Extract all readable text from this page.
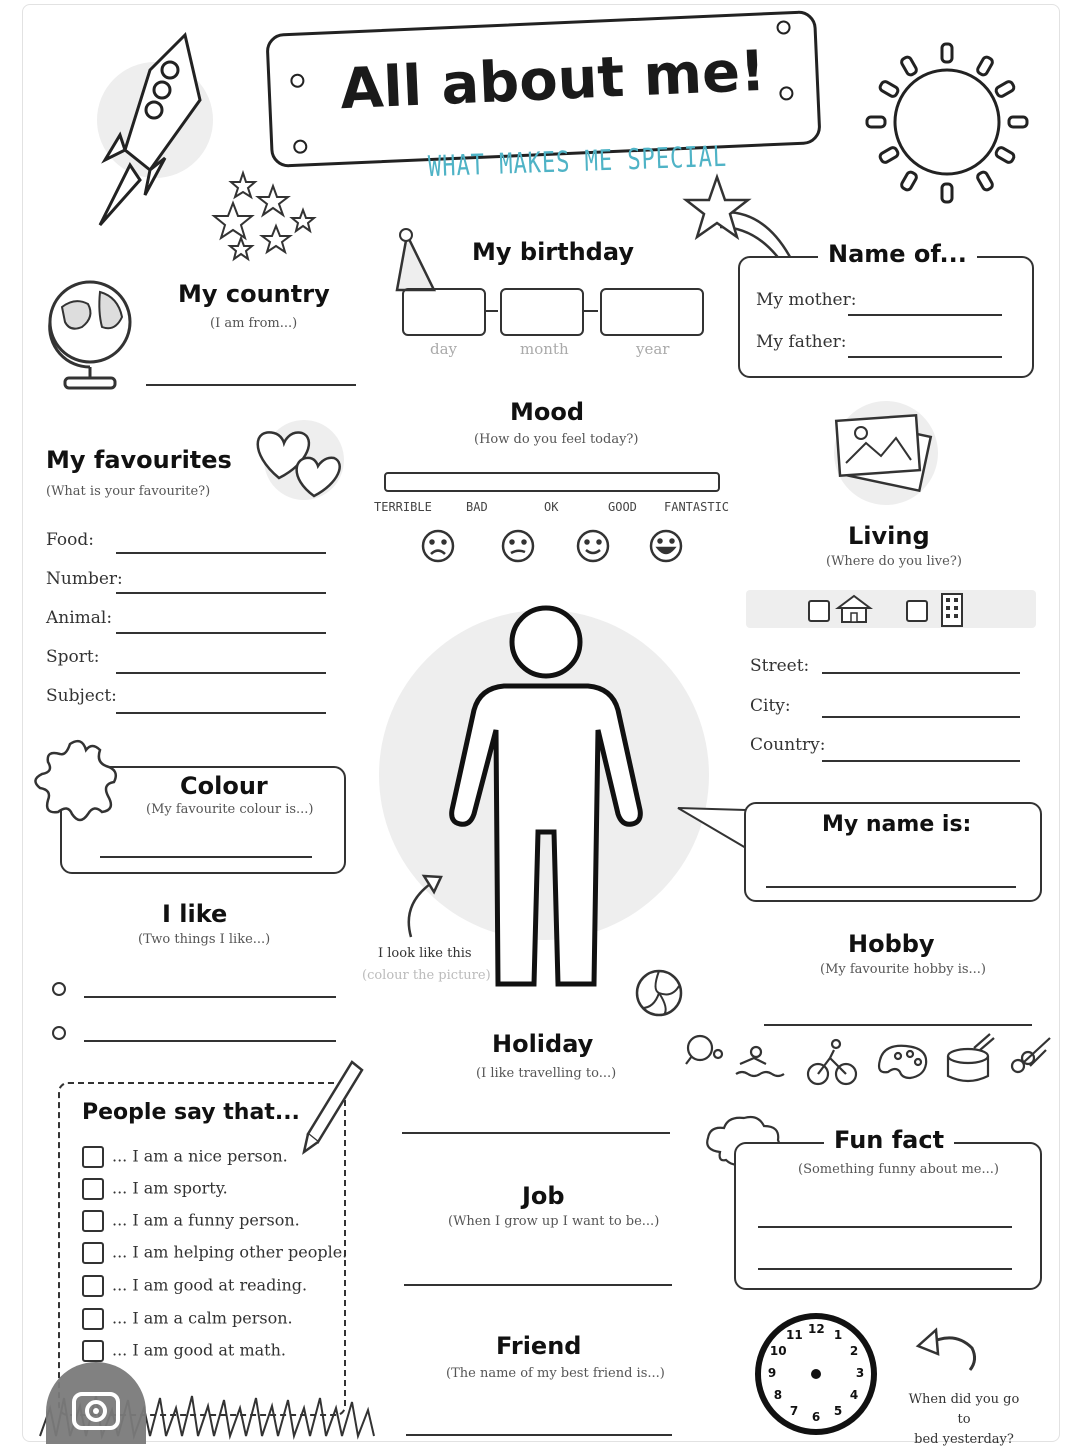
All about me!
WHAT MAKES ME SPECIAL
My birthday
day	month	year
Name of...
My mother:
My father:
My country
(I am from...)
My favourites
(What is your favourite?)
Food:
Number:
Animal:
Sport:
Subject:
Mood
(How do you feel today?)
TERRIBLE	BAD	OK	GOOD FANTASTIC
Living
(Where do you live?)
Street:
City:
Country:
I look like this
(colour the picture)
Colour
(My favourite colour is...)
My name is:
I like
(Two things I like...)	Hobby
(My favourite hobby is...)
Holiday
(I like travelling to...)
People say that...
... I am a nice person.
... I am sporty.
... I am a funny person.
... I am helping other people.
... I am good at reading.
... I am a calm person.
... I am good at math.
Fun fact
(Something funny about me...)
Job
(When I grow up I want to be...)
Friend
(The name of my best friend is...)
12 1
2
3
4
5
6
7
8
9
10
11
When did you go to
bed yesterday?
